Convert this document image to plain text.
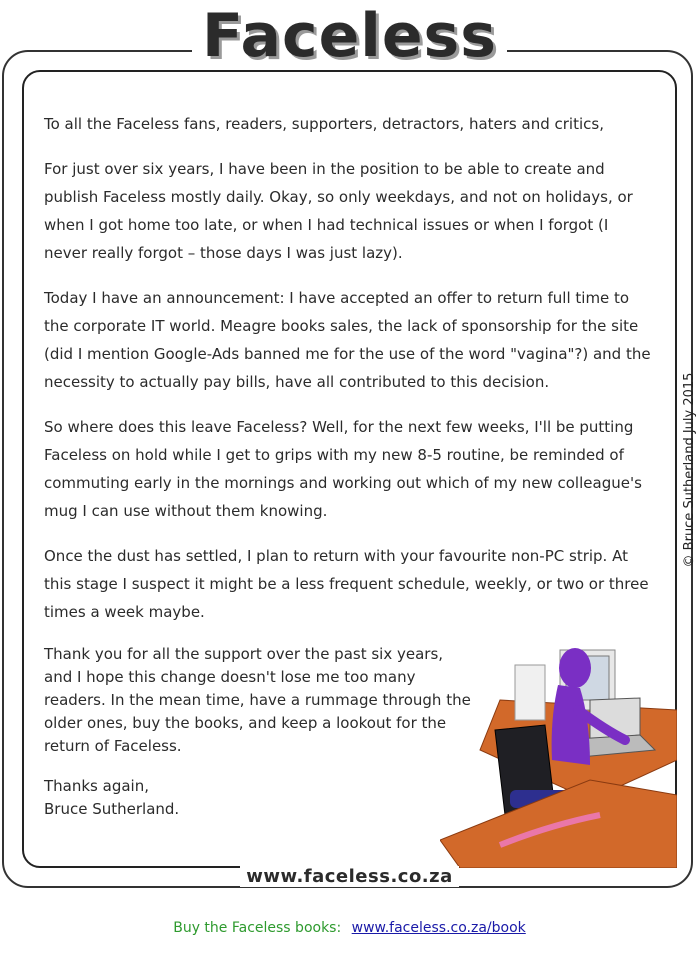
Faceless
© Bruce Sutherland July 2015

To all the Faceless fans, readers, supporters, detractors, haters and critics,

For just over six years, I have been in the position to be able to create and publish Faceless mostly daily. Okay, so only weekdays, and not on holidays, or when I got home too late, or when I had technical issues or when I forgot (I never really forgot – those days I was just lazy).

Today I have an announcement: I have accepted an offer to return full time to the corporate IT world. Meagre books sales, the lack of sponsorship for the site (did I mention Google-Ads banned me for the use of the word "vagina"?) and the necessity to actually pay bills, have all contributed to this decision.

So where does this leave Faceless? Well, for the next few weeks, I'll be putting Faceless on hold while I get to grips with my new 8-5 routine, be reminded of commuting early in the mornings and working out which of my new colleague's mug I can use without them knowing.

Once the dust has settled, I plan to return with your favourite non-PC strip. At this stage I suspect it might be a less frequent schedule, weekly, or two or three times a week maybe.

Thank you for all the support over the past six years, and I hope this change doesn't lose me too many readers. In the mean time, have a rummage through the older ones, buy the books, and keep a lookout for the return of Faceless.

Thanks again,
Bruce Sutherland.
www.faceless.co.za
Buy the Faceless books: www.faceless.co.za/book
